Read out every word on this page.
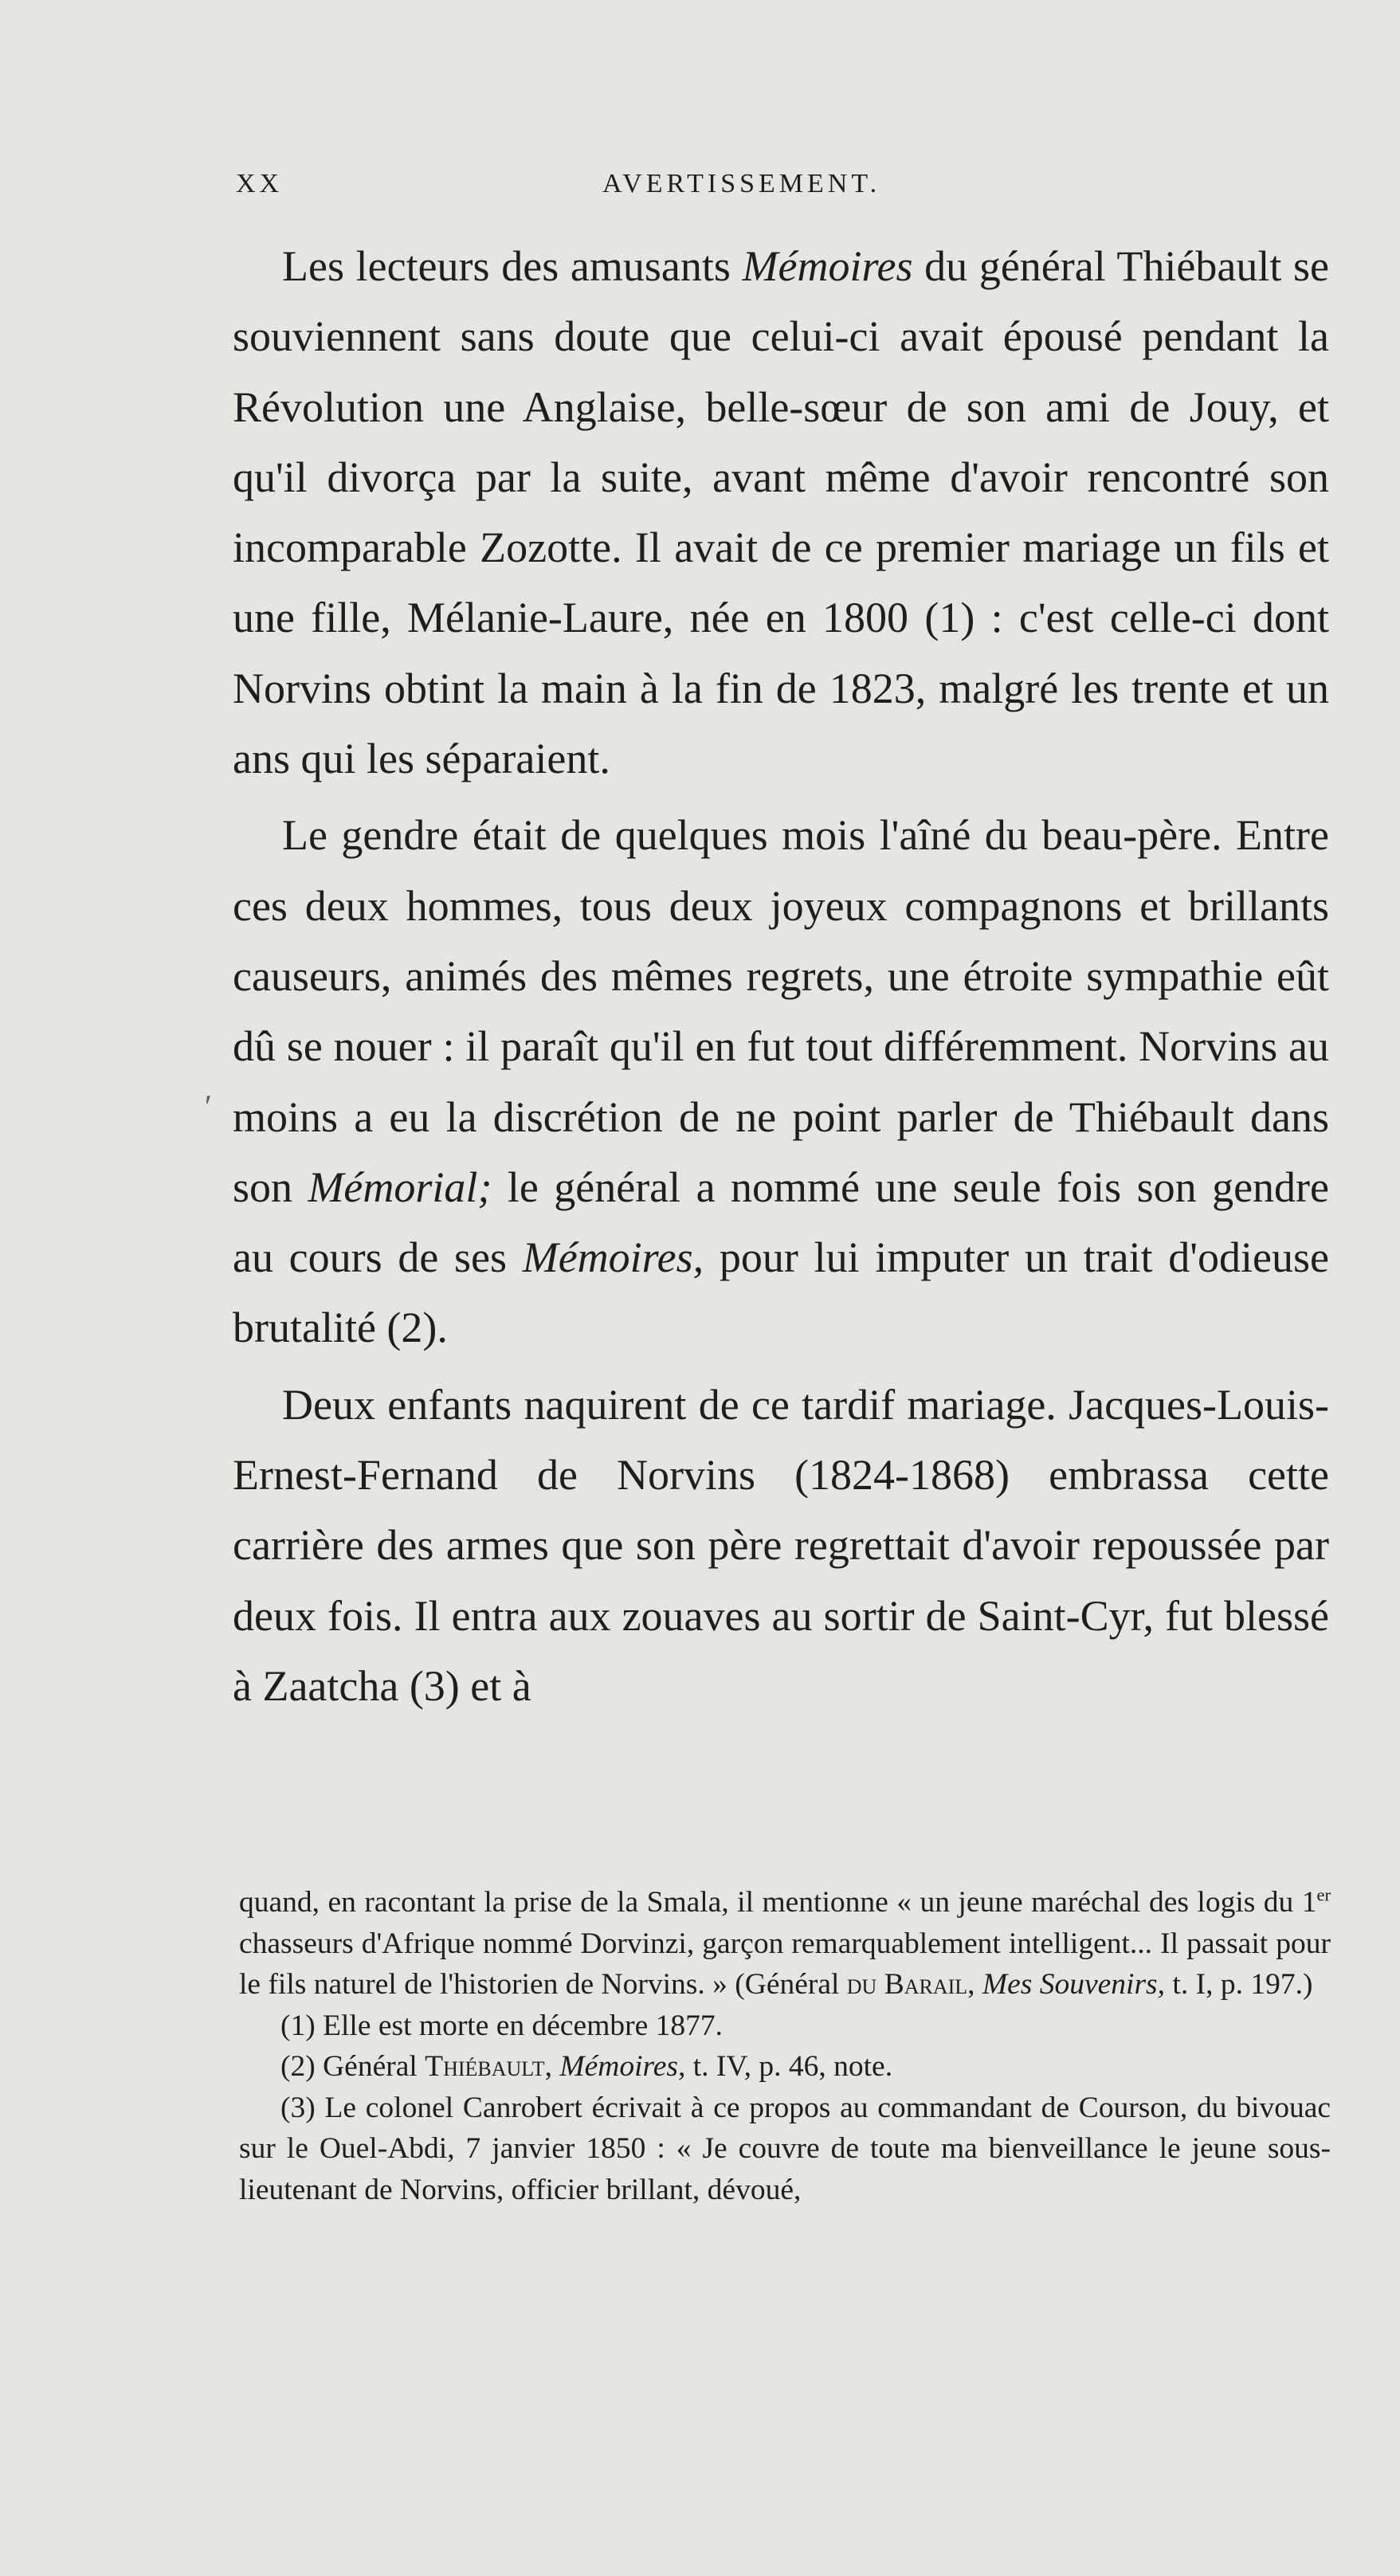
XX	AVERTISSEMENT.
′

Les lecteurs des amusants Mémoires du général Thiébault se souviennent sans doute que celui-ci avait épousé pendant la Révolution une Anglaise, belle-sœur de son ami de Jouy, et qu'il divorça par la suite, avant même d'avoir rencontré son incomparable Zozotte. Il avait de ce premier mariage un fils et une fille, Mélanie-Laure, née en 1800 (1) : c'est celle-ci dont Norvins obtint la main à la fin de 1823, malgré les trente et un ans qui les séparaient.

Le gendre était de quelques mois l'aîné du beau-père. Entre ces deux hommes, tous deux joyeux compagnons et brillants causeurs, animés des mêmes regrets, une étroite sympathie eût dû se nouer : il paraît qu'il en fut tout différemment. Norvins au moins a eu la discrétion de ne point parler de Thiébault dans son Mémorial; le général a nommé une seule fois son gendre au cours de ses Mémoires, pour lui imputer un trait d'odieuse brutalité (2).

Deux enfants naquirent de ce tardif mariage. Jacques-Louis-Ernest-Fernand de Norvins (1824-1868) embrassa cette carrière des armes que son père regrettait d'avoir repoussée par deux fois. Il entra aux zouaves au sortir de Saint-Cyr, fut blessé à Zaatcha (3) et à

quand, en racontant la prise de la Smala, il mentionne « un jeune maréchal des logis du 1er chasseurs d'Afrique nommé Dorvinzi, garçon remarquablement intelligent... Il passait pour le fils naturel de l'historien de Norvins. » (Général du Barail, Mes Souvenirs, t. I, p. 197.)

(1) Elle est morte en décembre 1877.

(2) Général Thiébault, Mémoires, t. IV, p. 46, note.

(3) Le colonel Canrobert écrivait à ce propos au commandant de Courson, du bivouac sur le Ouel-Abdi, 7 janvier 1850 : « Je couvre de toute ma bienveillance le jeune sous-lieutenant de Norvins, officier brillant, dévoué,
